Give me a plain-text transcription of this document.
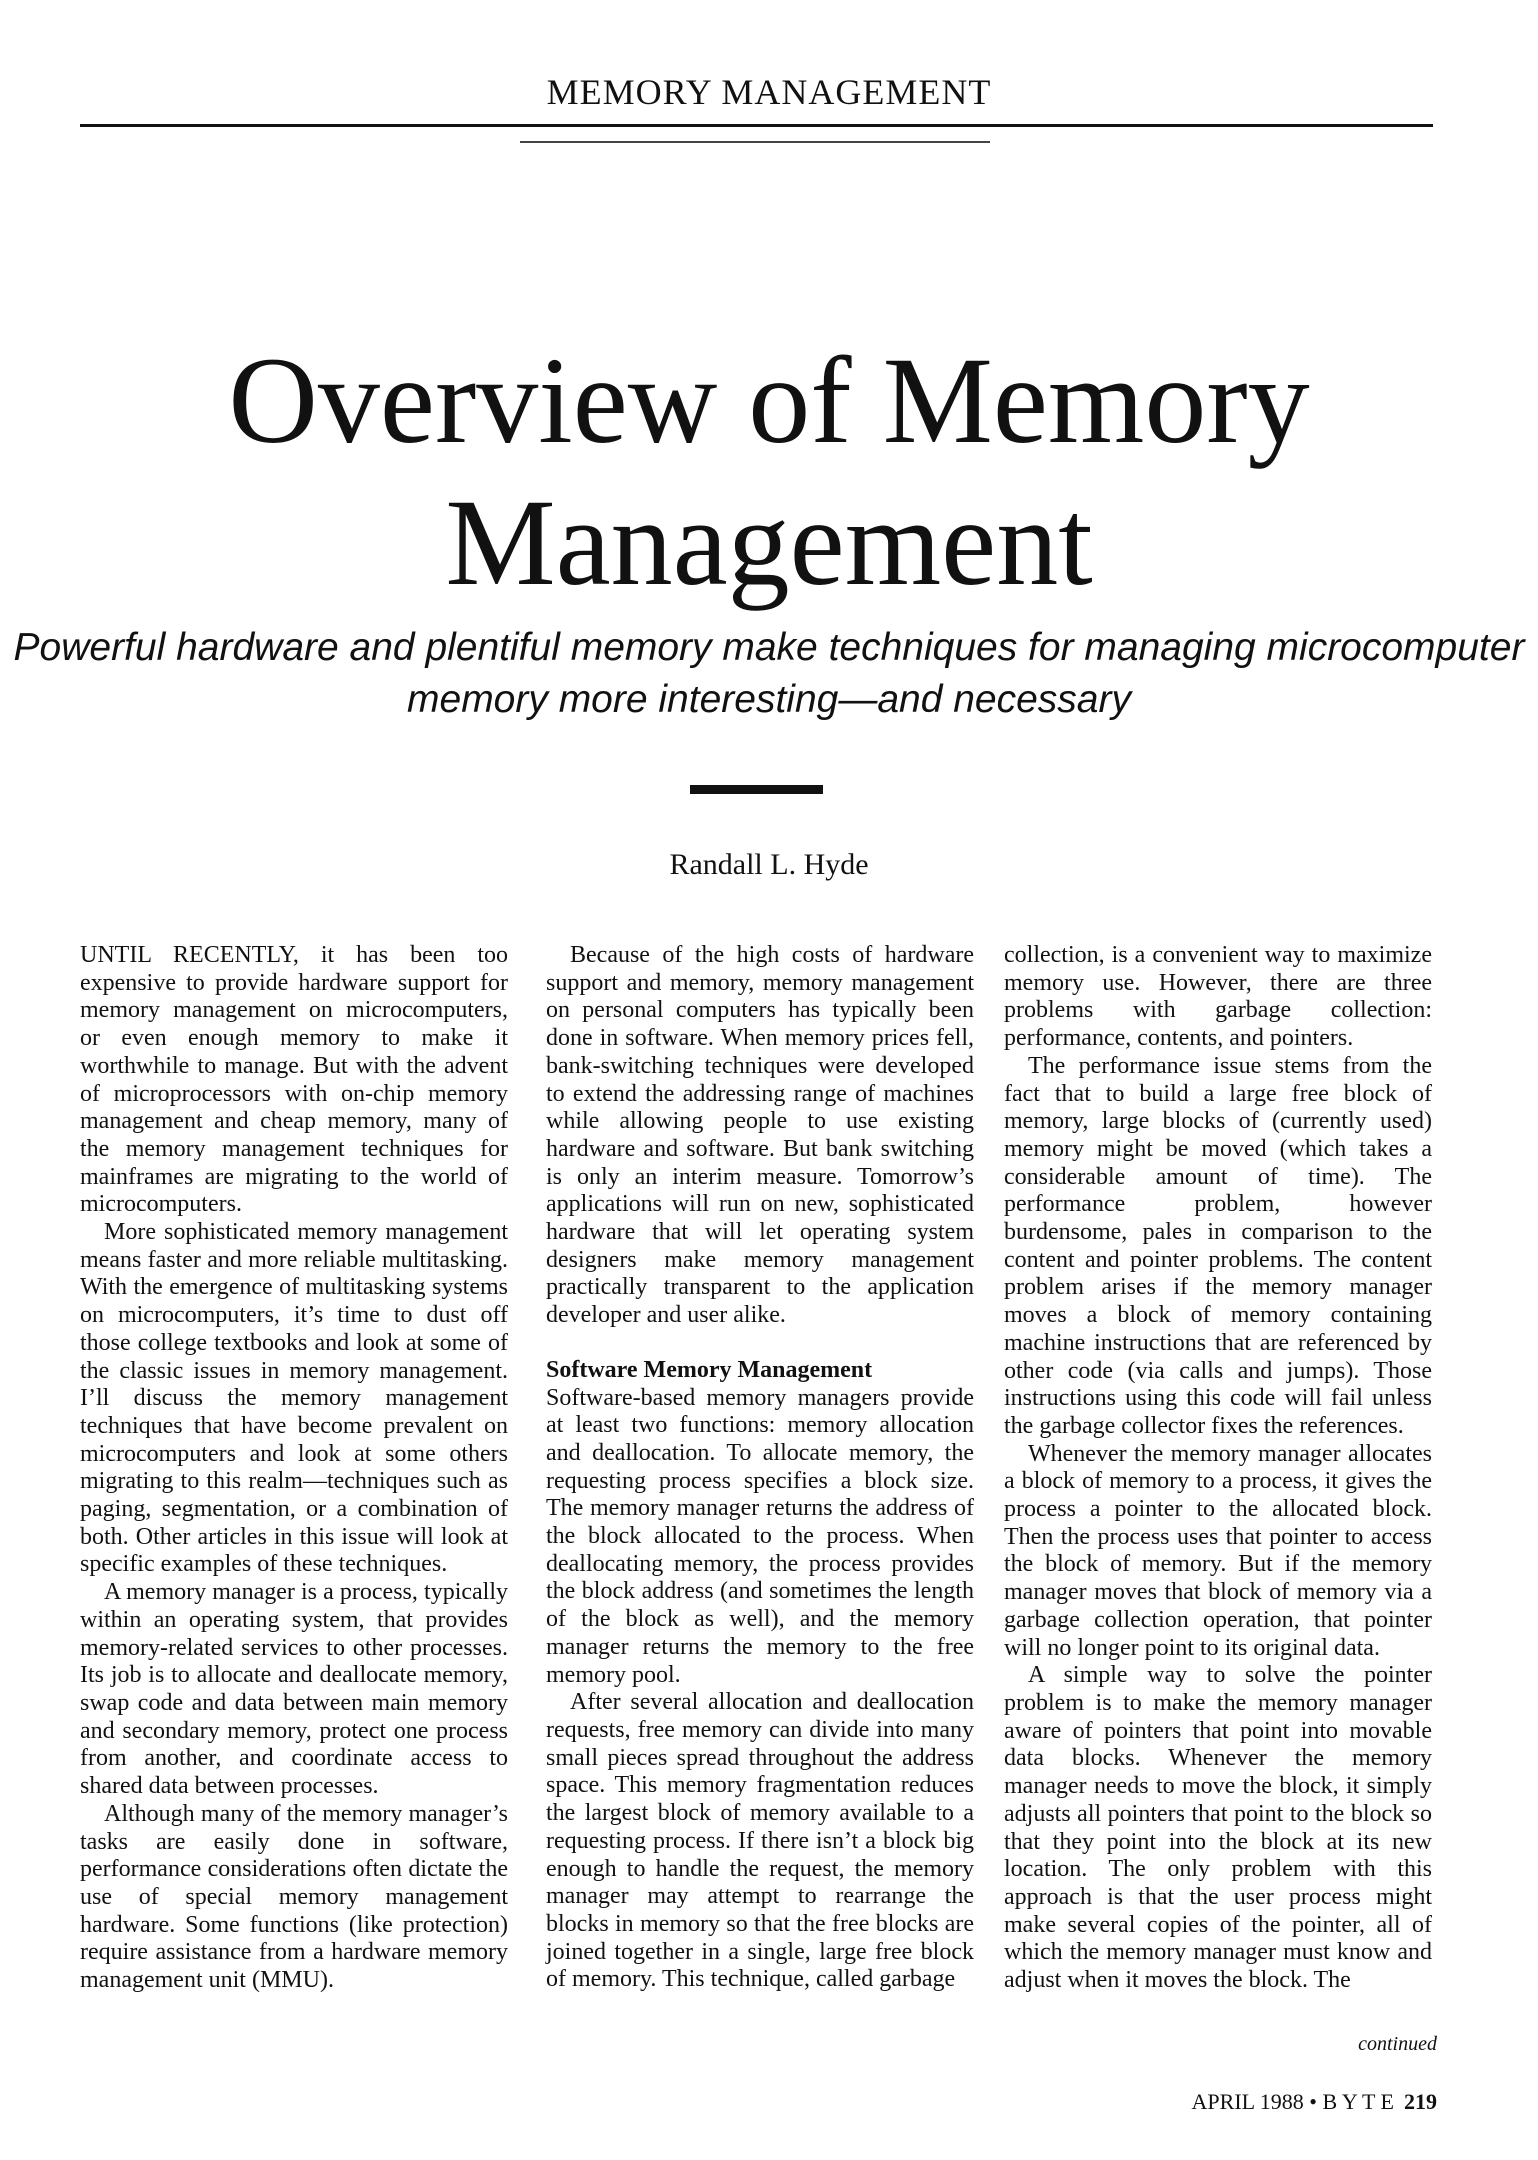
MEMORY MANAGEMENT
Overview of Memory Management
Powerful hardware and plentiful memory make techniques for managing microcomputer memory more interesting—and necessary
Randall L. Hyde

UNTIL RECENTLY, it has been too expensive to provide hardware support for memory management on microcomputers, or even enough memory to make it worthwhile to manage. But with the advent of microprocessors with on-chip memory management and cheap memory, many of the memory management techniques for mainframes are migrating to the world of microcomputers.

More sophisticated memory management means faster and more reliable multitasking. With the emergence of multitasking systems on microcomputers, it’s time to dust off those college textbooks and look at some of the classic issues in memory management. I’ll discuss the memory management techniques that have become prevalent on microcomputers and look at some others migrating to this realm—techniques such as paging, segmentation, or a combination of both. Other articles in this issue will look at specific examples of these techniques.

A memory manager is a process, typically within an operating system, that provides memory-related services to other processes. Its job is to allocate and deallocate memory, swap code and data between main memory and secondary memory, protect one process from another, and coordinate access to shared data between processes.

Although many of the memory manager’s tasks are easily done in software, performance considerations often dictate the use of special memory management hardware. Some functions (like protection) require assistance from a hardware memory management unit (MMU).

Because of the high costs of hardware support and memory, memory management on personal computers has typically been done in software. When memory prices fell, bank-switching techniques were developed to extend the addressing range of machines while allowing people to use existing hardware and software. But bank switching is only an interim measure. Tomorrow’s applications will run on new, sophisticated hardware that will let operating system designers make memory management practically transparent to the application developer and user alike.

Software Memory Management

Software-based memory managers provide at least two functions: memory allocation and deallocation. To allocate memory, the requesting process specifies a block size. The memory manager returns the address of the block allocated to the process. When deallocating memory, the process provides the block address (and sometimes the length of the block as well), and the memory manager returns the memory to the free memory pool.

After several allocation and deallocation requests, free memory can divide into many small pieces spread throughout the address space. This memory fragmentation reduces the largest block of memory available to a requesting process. If there isn’t a block big enough to handle the request, the memory manager may attempt to rearrange the blocks in memory so that the free blocks are joined together in a single, large free block of memory. This technique, called garbage

collection, is a convenient way to maximize memory use. However, there are three problems with garbage collection: performance, contents, and pointers.

The performance issue stems from the fact that to build a large free block of memory, large blocks of (currently used) memory might be moved (which takes a considerable amount of time). The performance problem, however burdensome, pales in comparison to the content and pointer problems. The content problem arises if the memory manager moves a block of memory containing machine instructions that are referenced by other code (via calls and jumps). Those instructions using this code will fail unless the garbage collector fixes the references.

Whenever the memory manager allocates a block of memory to a process, it gives the process a pointer to the allocated block. Then the process uses that pointer to access the block of memory. But if the memory manager moves that block of memory via a garbage collection operation, that pointer will no longer point to its original data.

A simple way to solve the pointer problem is to make the memory manager aware of pointers that point into movable data blocks. Whenever the memory manager needs to move the block, it simply adjusts all pointers that point to the block so that they point into the block at its new location. The only problem with this approach is that the user process might make several copies of the pointer, all of which the memory manager must know and adjust when it moves the block. The

continued
APRIL 1988 • B Y T E 219
